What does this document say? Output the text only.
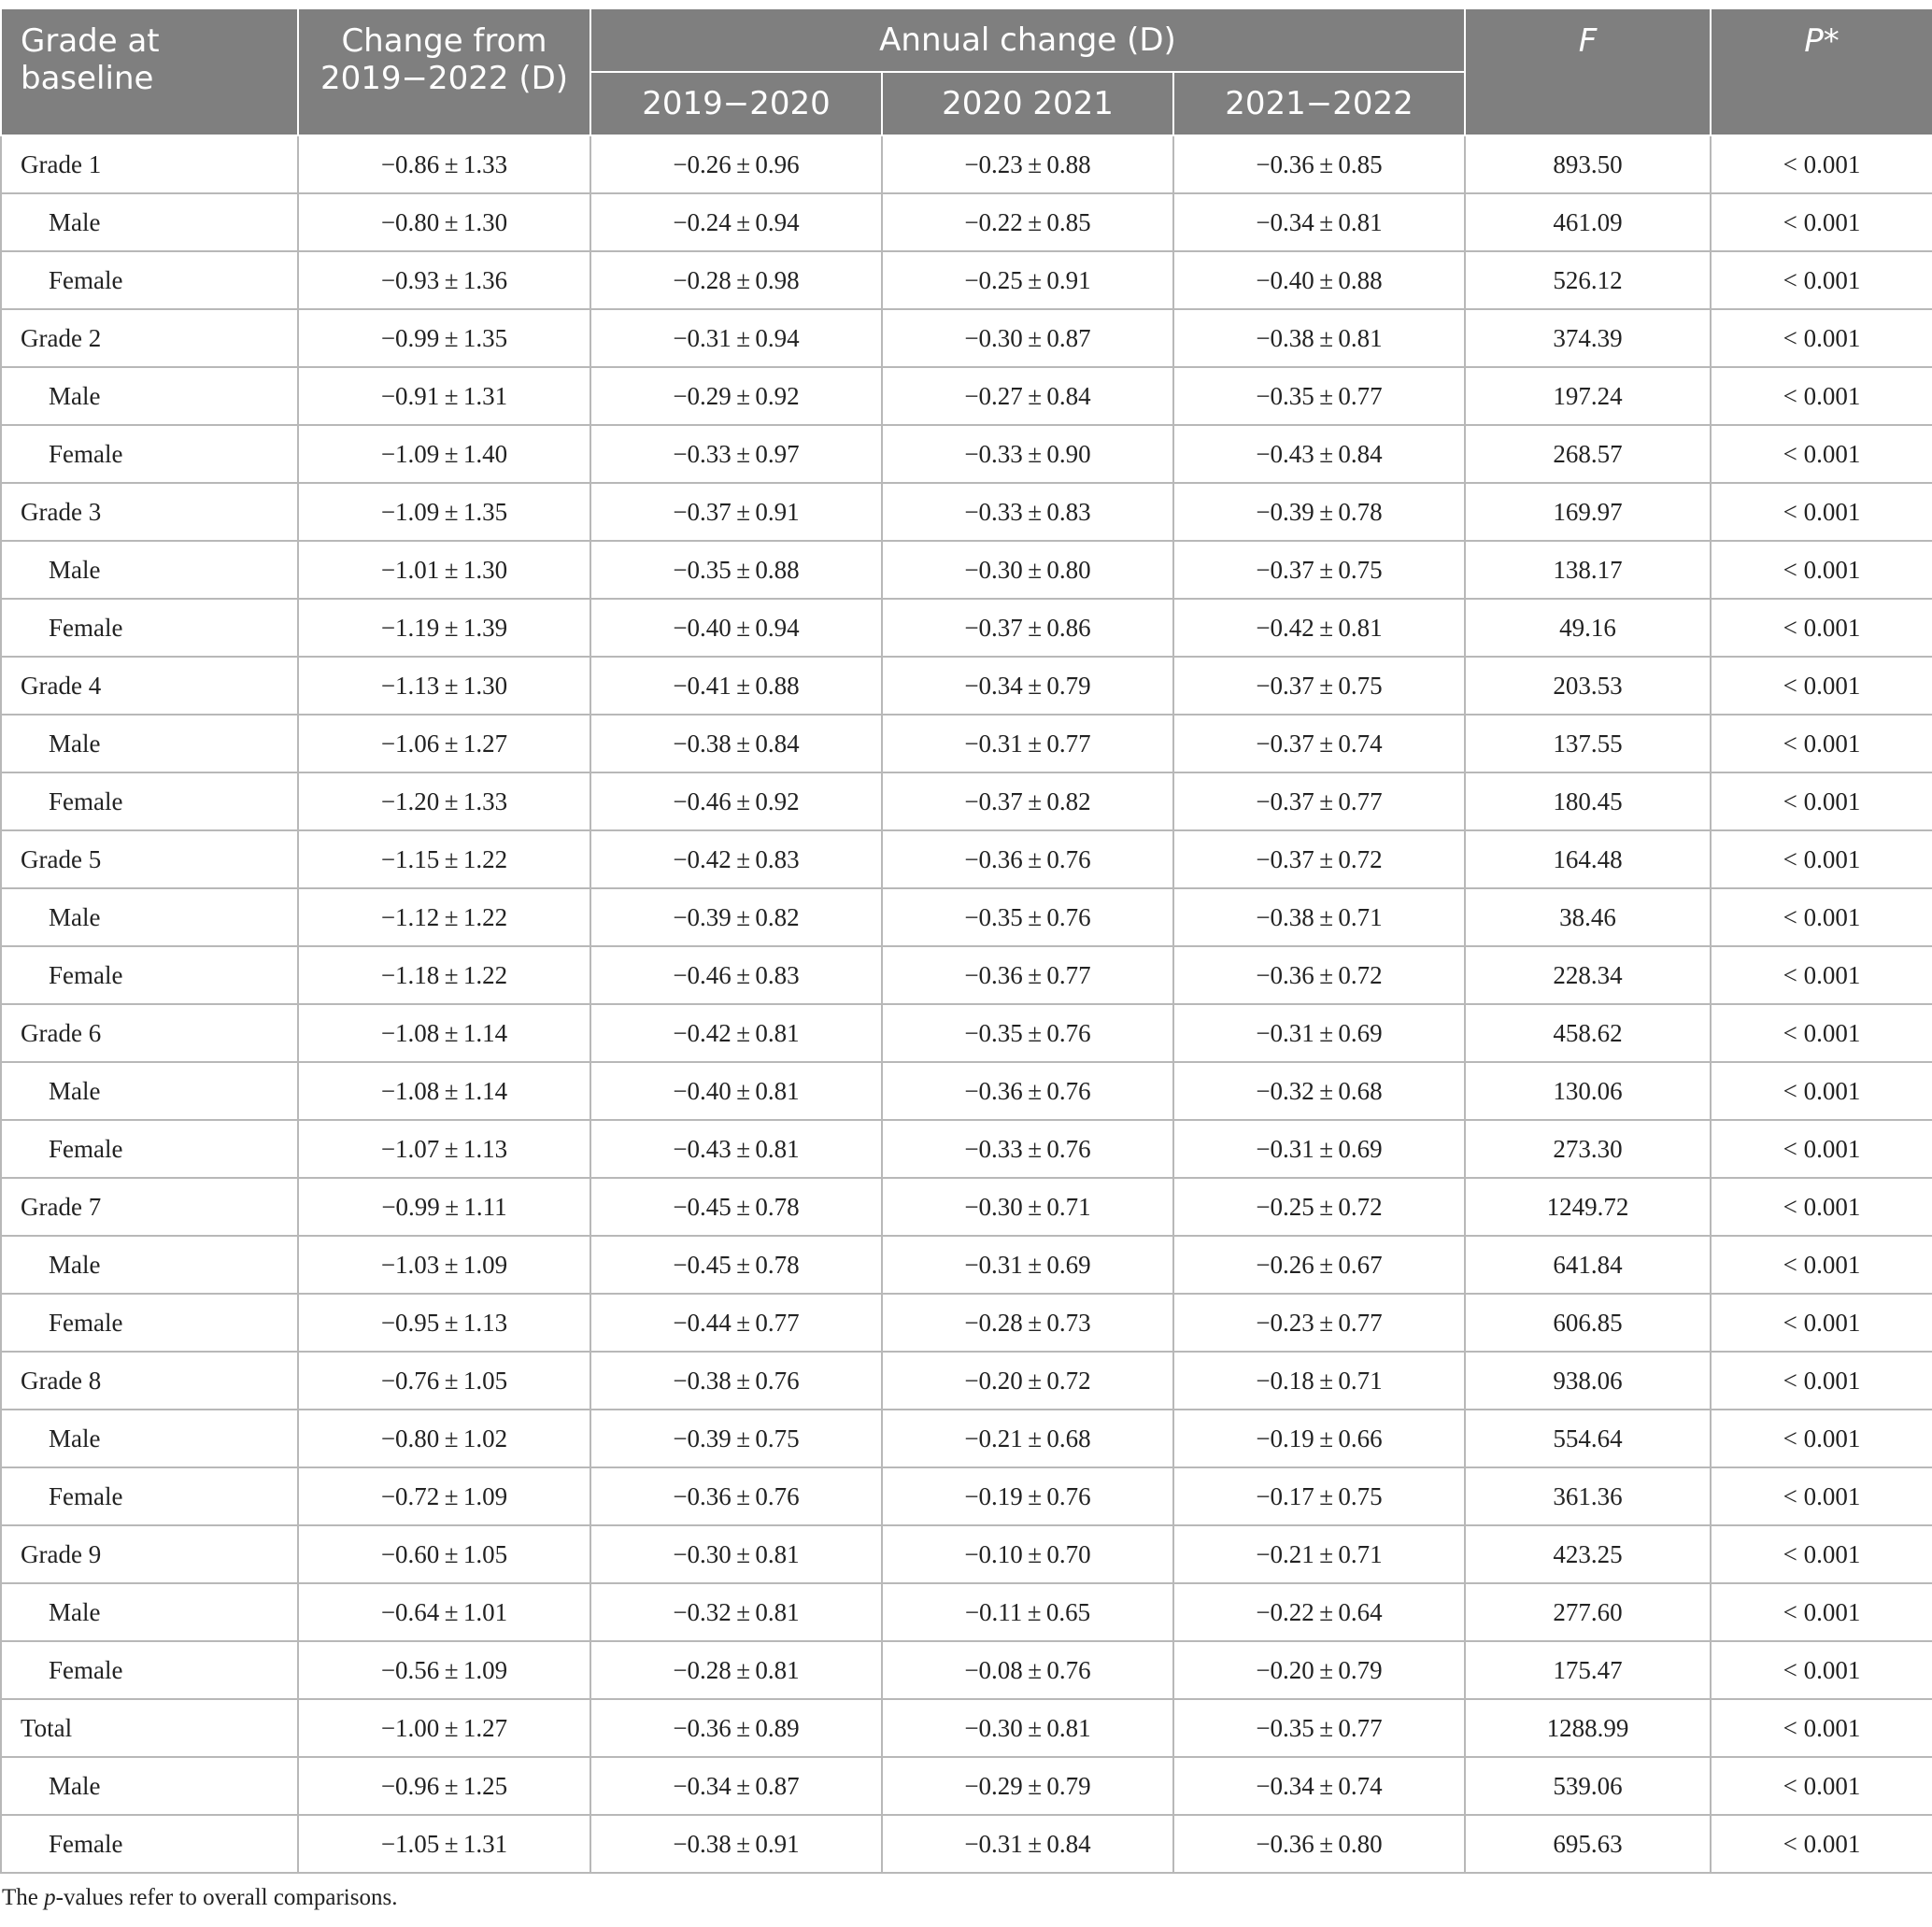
Grade at baseline	Change from 2019−2022 (D)	Annual change (D)			F	P*
		2019−2020	2020 2021	2021−2022		
Grade 1	−0.86 ± 1.33	−0.26 ± 0.96	−0.23 ± 0.88	−0.36 ± 0.85	893.50	< 0.001
Male	−0.80 ± 1.30	−0.24 ± 0.94	−0.22 ± 0.85	−0.34 ± 0.81	461.09	< 0.001
Female	−0.93 ± 1.36	−0.28 ± 0.98	−0.25 ± 0.91	−0.40 ± 0.88	526.12	< 0.001
Grade 2	−0.99 ± 1.35	−0.31 ± 0.94	−0.30 ± 0.87	−0.38 ± 0.81	374.39	< 0.001
Male	−0.91 ± 1.31	−0.29 ± 0.92	−0.27 ± 0.84	−0.35 ± 0.77	197.24	< 0.001
Female	−1.09 ± 1.40	−0.33 ± 0.97	−0.33 ± 0.90	−0.43 ± 0.84	268.57	< 0.001
Grade 3	−1.09 ± 1.35	−0.37 ± 0.91	−0.33 ± 0.83	−0.39 ± 0.78	169.97	< 0.001
Male	−1.01 ± 1.30	−0.35 ± 0.88	−0.30 ± 0.80	−0.37 ± 0.75	138.17	< 0.001
Female	−1.19 ± 1.39	−0.40 ± 0.94	−0.37 ± 0.86	−0.42 ± 0.81	49.16	< 0.001
Grade 4	−1.13 ± 1.30	−0.41 ± 0.88	−0.34 ± 0.79	−0.37 ± 0.75	203.53	< 0.001
Male	−1.06 ± 1.27	−0.38 ± 0.84	−0.31 ± 0.77	−0.37 ± 0.74	137.55	< 0.001
Female	−1.20 ± 1.33	−0.46 ± 0.92	−0.37 ± 0.82	−0.37 ± 0.77	180.45	< 0.001
Grade 5	−1.15 ± 1.22	−0.42 ± 0.83	−0.36 ± 0.76	−0.37 ± 0.72	164.48	< 0.001
Male	−1.12 ± 1.22	−0.39 ± 0.82	−0.35 ± 0.76	−0.38 ± 0.71	38.46	< 0.001
Female	−1.18 ± 1.22	−0.46 ± 0.83	−0.36 ± 0.77	−0.36 ± 0.72	228.34	< 0.001
Grade 6	−1.08 ± 1.14	−0.42 ± 0.81	−0.35 ± 0.76	−0.31 ± 0.69	458.62	< 0.001
Male	−1.08 ± 1.14	−0.40 ± 0.81	−0.36 ± 0.76	−0.32 ± 0.68	130.06	< 0.001
Female	−1.07 ± 1.13	−0.43 ± 0.81	−0.33 ± 0.76	−0.31 ± 0.69	273.30	< 0.001
Grade 7	−0.99 ± 1.11	−0.45 ± 0.78	−0.30 ± 0.71	−0.25 ± 0.72	1249.72	< 0.001
Male	−1.03 ± 1.09	−0.45 ± 0.78	−0.31 ± 0.69	−0.26 ± 0.67	641.84	< 0.001
Female	−0.95 ± 1.13	−0.44 ± 0.77	−0.28 ± 0.73	−0.23 ± 0.77	606.85	< 0.001
Grade 8	−0.76 ± 1.05	−0.38 ± 0.76	−0.20 ± 0.72	−0.18 ± 0.71	938.06	< 0.001
Male	−0.80 ± 1.02	−0.39 ± 0.75	−0.21 ± 0.68	−0.19 ± 0.66	554.64	< 0.001
Female	−0.72 ± 1.09	−0.36 ± 0.76	−0.19 ± 0.76	−0.17 ± 0.75	361.36	< 0.001
Grade 9	−0.60 ± 1.05	−0.30 ± 0.81	−0.10 ± 0.70	−0.21 ± 0.71	423.25	< 0.001
Male	−0.64 ± 1.01	−0.32 ± 0.81	−0.11 ± 0.65	−0.22 ± 0.64	277.60	< 0.001
Female	−0.56 ± 1.09	−0.28 ± 0.81	−0.08 ± 0.76	−0.20 ± 0.79	175.47	< 0.001
Total	−1.00 ± 1.27	−0.36 ± 0.89	−0.30 ± 0.81	−0.35 ± 0.77	1288.99	< 0.001
Male	−0.96 ± 1.25	−0.34 ± 0.87	−0.29 ± 0.79	−0.34 ± 0.74	539.06	< 0.001
Female	−1.05 ± 1.31	−0.38 ± 0.91	−0.31 ± 0.84	−0.36 ± 0.80	695.63	< 0.001
The p-values refer to overall comparisons.
